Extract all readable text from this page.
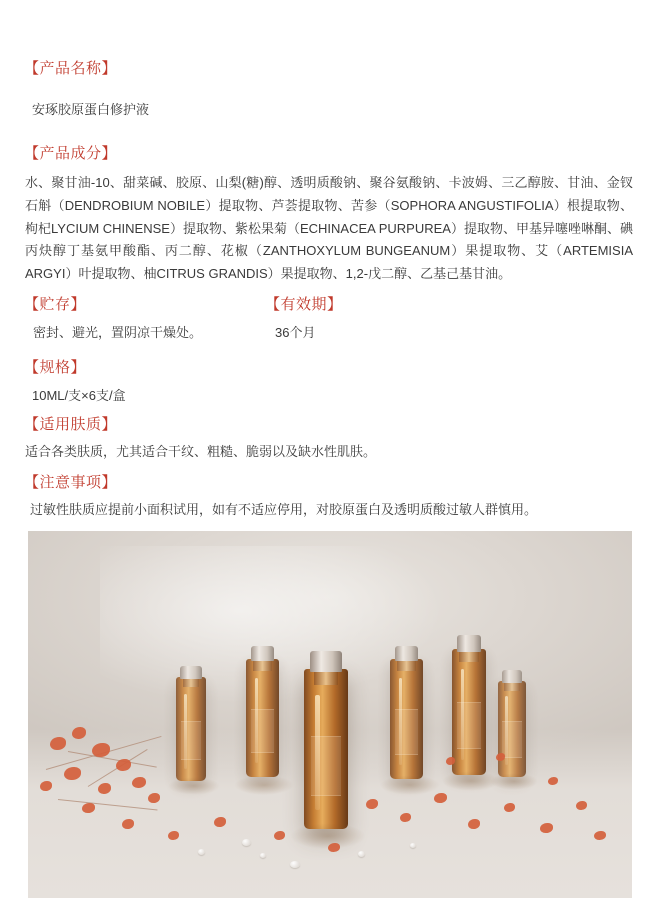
【产品名称】
安琢胶原蛋白修护液
【产品成分】
水、聚甘油-10、甜菜碱、胶原、山梨(糖)醇、透明质酸钠、聚谷氨酸钠、卡波姆、三乙醇胺、甘油、金钗石斛（DENDROBIUM NOBILE）提取物、芦荟提取物、苦参（SOPHORA ANGUSTIFOLIA）根提取物、枸杞LYCIUM CHINENSE）提取物、紫松果菊（ECHINACEA PURPUREA）提取物、甲基异噻唑啉酮、碘丙炔醇丁基氨甲酸酯、丙二醇、花椒（ZANTHOXYLUM BUNGEANUM）果提取物、艾（ARTEMISIA ARGYI）叶提取物、柚CITRUS GRANDIS）果提取物、1,2-戊二醇、乙基己基甘油。
【贮存】
密封、避光，置阴凉干燥处。
【有效期】
36个月
【规格】
10ML/支×6支/盒
【适用肤质】
适合各类肤质，尤其适合干纹、粗糙、脆弱以及缺水性肌肤。
【注意事项】
过敏性肤质应提前小面积试用，如有不适应停用，对胶原蛋白及透明质酸过敏人群慎用。
